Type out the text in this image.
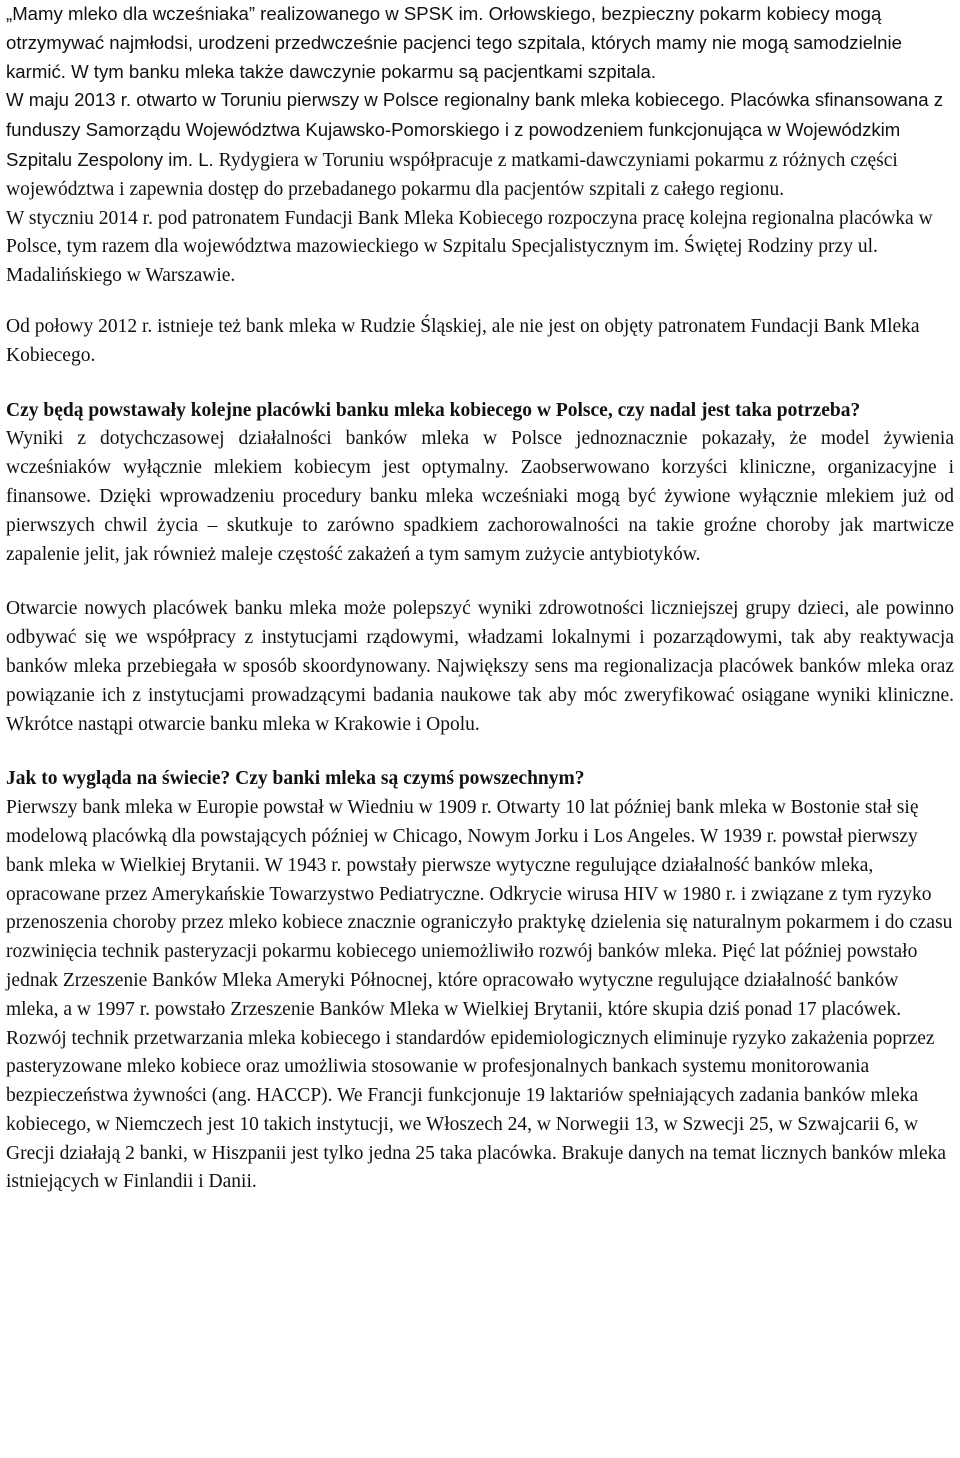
„Mamy mleko dla wcześniaka” realizowanego w SPSK im. Orłowskiego, bezpieczny pokarm kobiecy mogą otrzymywać najmłodsi, urodzeni przedwcześnie pacjenci tego szpitala, których mamy nie mogą samodzielnie karmić. W tym banku mleka także dawczynie pokarmu są pacjentkami szpitala.

W maju 2013 r. otwarto w Toruniu pierwszy w Polsce regionalny bank mleka kobiecego. Placówka sfinansowana z funduszy Samorządu Województwa Kujawsko-Pomorskiego i z powodzeniem funkcjonująca w Wojewódzkim Szpitalu Zespolony im. L. Rydygiera w Toruniu współpracuje z matkami-dawczyniami pokarmu z różnych części województwa i zapewnia dostęp do przebadanego pokarmu dla pacjentów szpitali z całego regionu.

W styczniu 2014 r. pod patronatem Fundacji Bank Mleka Kobiecego rozpoczyna pracę kolejna regionalna placówka w Polsce, tym razem dla województwa mazowieckiego w Szpitalu Specjalistycznym im. Świętej Rodziny przy ul. Madalińskiego w Warszawie.

Od połowy 2012 r. istnieje też bank mleka w Rudzie Śląskiej, ale nie jest on objęty patronatem Fundacji Bank Mleka Kobiecego.

Czy będą powstawały kolejne placówki banku mleka kobiecego w Polsce, czy nadal jest taka potrzeba?

Wyniki z dotychczasowej działalności banków mleka w Polsce jednoznacznie pokazały, że model żywienia wcześniaków wyłącznie mlekiem kobiecym jest optymalny. Zaobserwowano korzyści kliniczne, organizacyjne i finansowe. Dzięki wprowadzeniu procedury banku mleka wcześniaki mogą być żywione wyłącznie mlekiem już od pierwszych chwil życia – skutkuje to zarówno spadkiem zachorowalności na takie groźne choroby jak martwicze zapalenie jelit, jak również maleje częstość zakażeń a tym samym zużycie antybiotyków.

Otwarcie nowych placówek banku mleka może polepszyć wyniki zdrowotności liczniejszej grupy dzieci, ale powinno odbywać się we współpracy z instytucjami rządowymi, władzami lokalnymi i pozarządowymi, tak aby reaktywacja banków mleka przebiegała w sposób skoordynowany. Największy sens ma regionalizacja placówek banków mleka oraz powiązanie ich z instytucjami prowadzącymi badania naukowe tak aby móc zweryfikować osiągane wyniki kliniczne. Wkrótce nastąpi otwarcie banku mleka w Krakowie i Opolu.

Jak to wygląda na świecie? Czy banki mleka są czymś powszechnym?

Pierwszy bank mleka w Europie powstał w Wiedniu w 1909 r. Otwarty 10 lat później bank mleka w Bostonie stał się modelową placówką dla powstających później w Chicago, Nowym Jorku i Los Angeles. W 1939 r. powstał pierwszy bank mleka w Wielkiej Brytanii. W 1943 r. powstały pierwsze wytyczne regulujące działalność banków mleka, opracowane przez Amerykańskie Towarzystwo Pediatryczne. Odkrycie wirusa HIV w 1980 r. i związane z tym ryzyko przenoszenia choroby przez mleko kobiece znacznie ograniczyło praktykę dzielenia się naturalnym pokarmem i do czasu rozwinięcia technik pasteryzacji pokarmu kobiecego uniemożliwiło rozwój banków mleka. Pięć lat później powstało jednak Zrzeszenie Banków Mleka Ameryki Północnej, które opracowało wytyczne regulujące działalność banków mleka, a w 1997 r. powstało Zrzeszenie Banków Mleka w Wielkiej Brytanii, które skupia dziś ponad 17 placówek. Rozwój technik przetwarzania mleka kobiecego i standardów epidemiologicznych eliminuje ryzyko zakażenia poprzez pasteryzowane mleko kobiece oraz umożliwia stosowanie w profesjonalnych bankach systemu monitorowania bezpieczeństwa żywności (ang. HACCP). We Francji funkcjonuje 19 laktariów spełniających zadania banków mleka kobiecego, w Niemczech jest 10 takich instytucji, we Włoszech 24, w Norwegii 13, w Szwecji 25, w Szwajcarii 6, w Grecji działają 2 banki, w Hiszpanii jest tylko jedna 25 taka placówka. Brakuje danych na temat licznych banków mleka istniejących w Finlandii i Danii.
